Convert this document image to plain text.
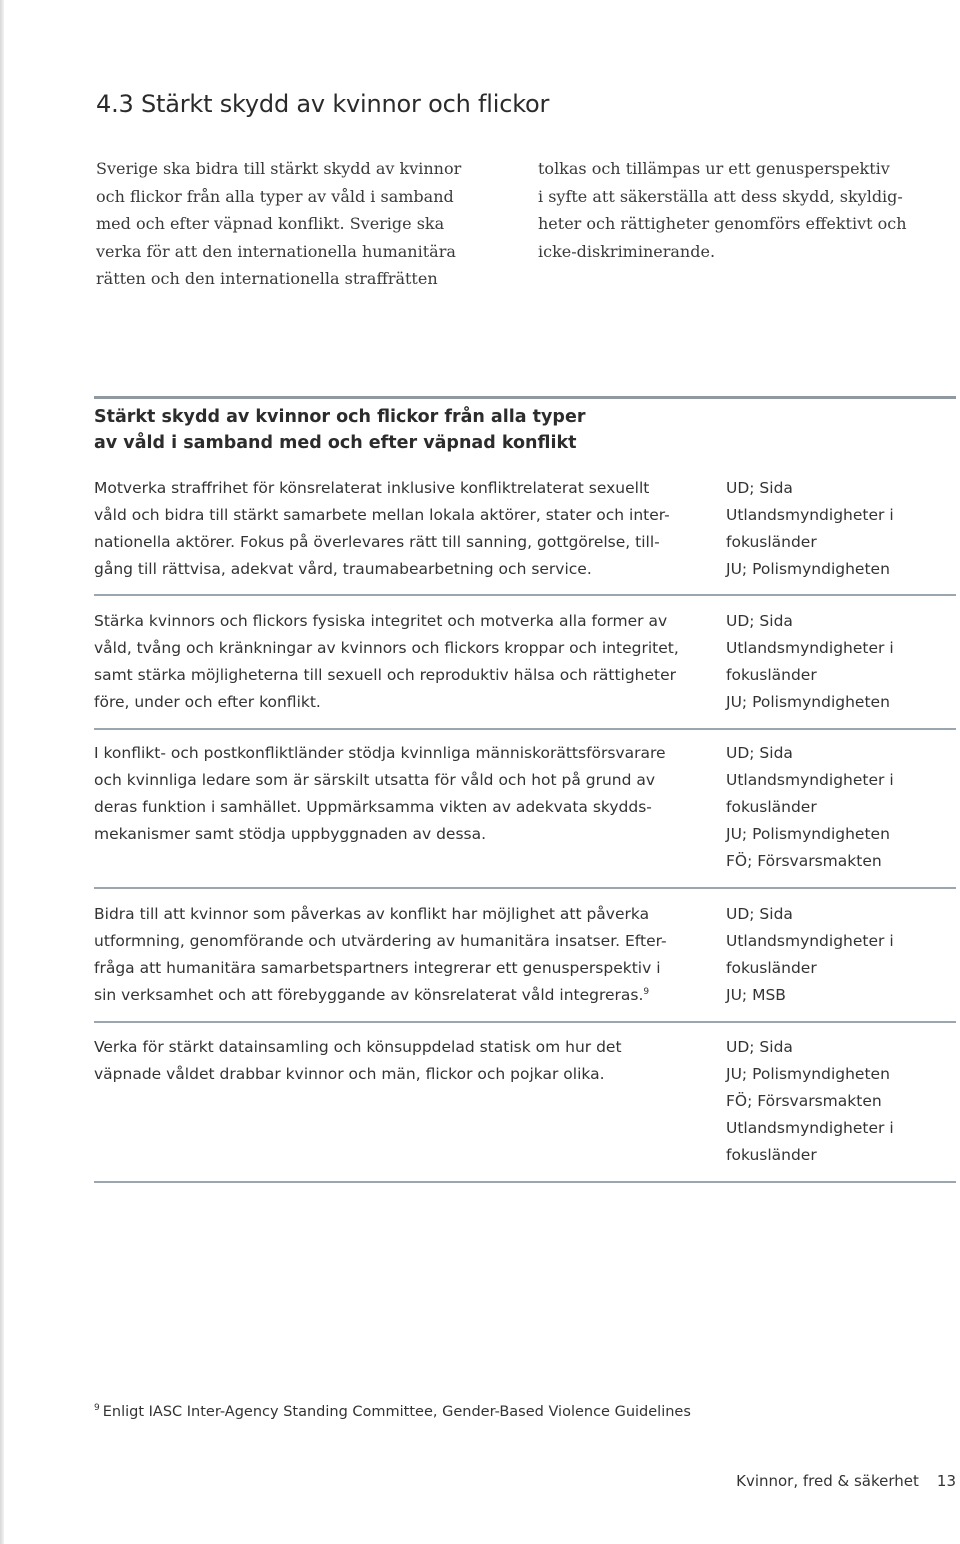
4.3 Stärkt skydd av kvinnor och flickor

Sverige ska bidra till stärkt skydd av kvinnor
och flickor från alla typer av våld i samband
med och efter väpnad konflikt. Sverige ska
verka för att den internationella humanitära
rätten och den internationella straffrätten

tolkas och tillämpas ur ett genusperspektiv
i syfte att säkerställa att dess skydd, skyldig-
heter och rättigheter genomförs effektivt och
icke-diskriminerande.

Stärkt skydd av kvinnor och flickor från alla typer
av våld i samband med och efter väpnad konflikt

Motverka straffrihet för könsrelaterat inklusive konfliktrelaterat sexuellt
våld och bidra till stärkt samarbete mellan lokala aktörer, stater och inter-
nationella aktörer. Fokus på överlevares rätt till sanning, gottgörelse, till-
gång till rättvisa, adekvat vård, traumabearbetning och service.

UD; Sida
Utlandsmyndigheter i
fokusländer
JU; Polismyndigheten

Stärka kvinnors och flickors fysiska integritet och motverka alla former av
våld, tvång och kränkningar av kvinnors och flickors kroppar och integritet,
samt stärka möjligheterna till sexuell och reproduktiv hälsa och rättigheter
före, under och efter konflikt.

UD; Sida
Utlandsmyndigheter i
fokusländer
JU; Polismyndigheten

I konflikt- och postkonfliktländer stödja kvinnliga människorättsförsvarare
och kvinnliga ledare som är särskilt utsatta för våld och hot på grund av
deras funktion i samhället. Uppmärksamma vikten av adekvata skydds-
mekanismer samt stödja uppbyggnaden av dessa.

UD; Sida
Utlandsmyndigheter i
fokusländer
JU; Polismyndigheten
FÖ; Försvarsmakten

Bidra till att kvinnor som påverkas av konflikt har möjlighet att påverka
utformning, genomförande och utvärdering av humanitära insatser. Efter-
fråga att humanitära samarbetspartners integrerar ett genusperspektiv i
sin verksamhet och att förebyggande av könsrelaterat våld integreras.$^9$

UD; Sida
Utlandsmyndigheter i
fokusländer
JU; MSB

Verka för stärkt datainsamling och könsuppdelad statisk om hur det
väpnade våldet drabbar kvinnor och män, flickor och pojkar olika.

UD; Sida
JU; Polismyndigheten
FÖ; Försvarsmakten
Utlandsmyndigheter i
fokusländer

$^9$ Enligt IASC Inter-Agency Standing Committee, Gender-Based Violence Guidelines

Kvinnor, fred & säkerhet 13
